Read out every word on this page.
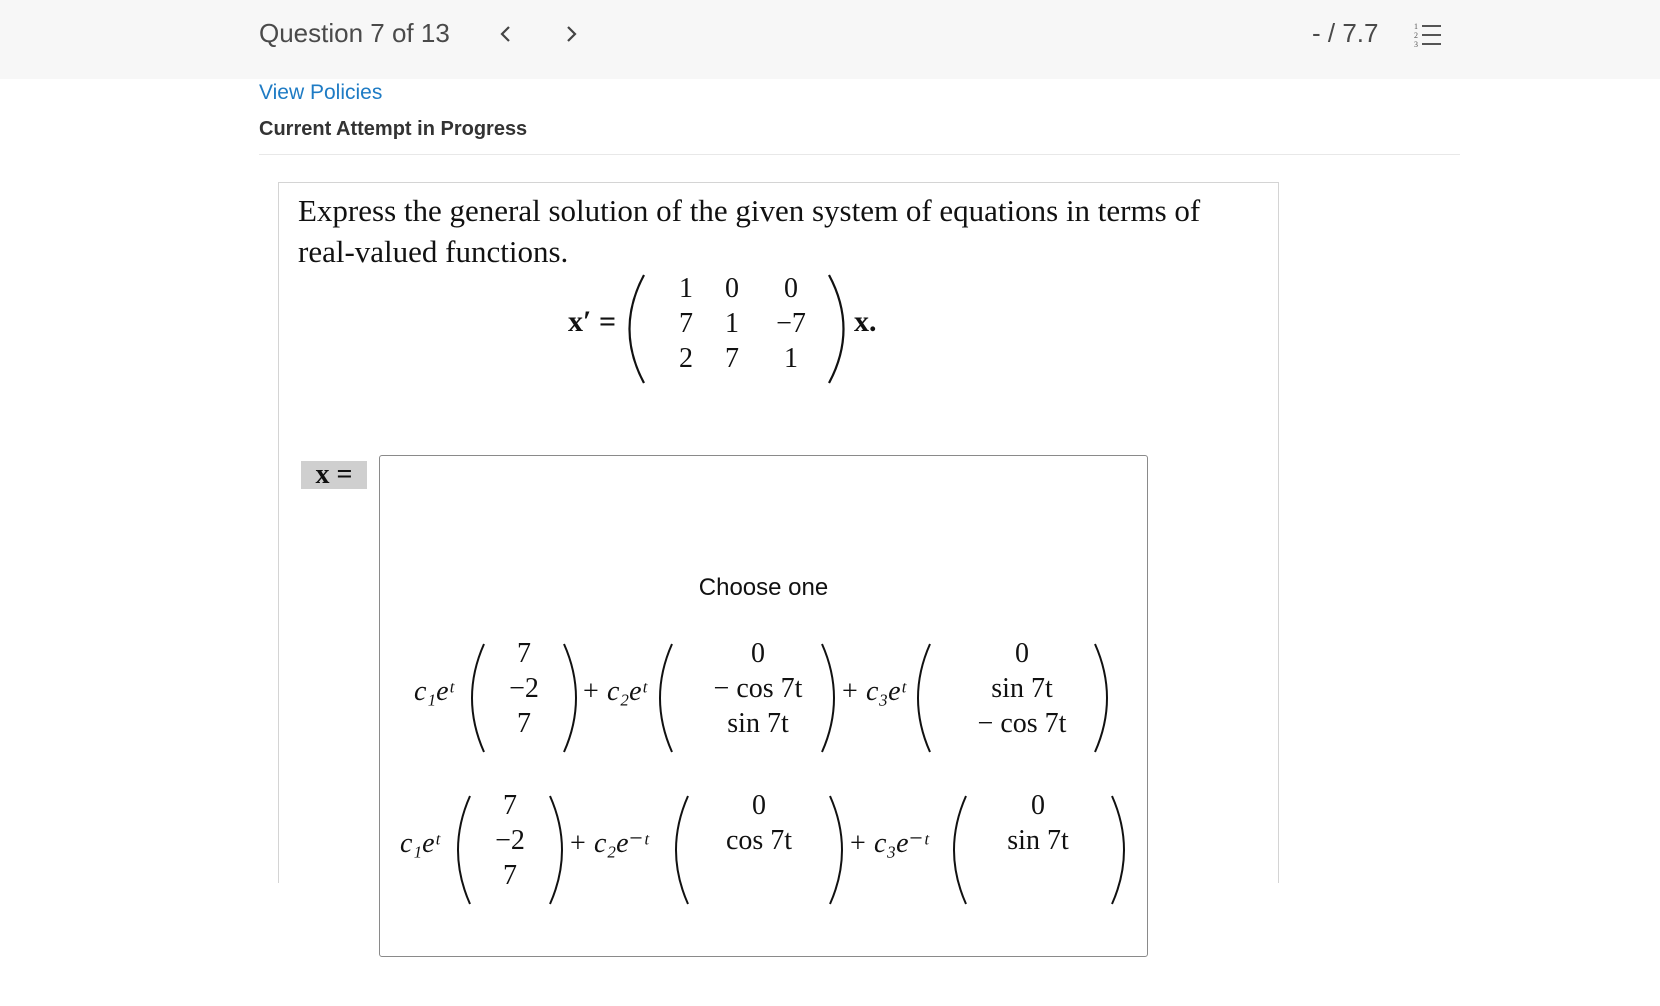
Question 7 of 13	- / 7.7	1
2
3
View Policies
Current Attempt in Progress
Express the general solution of the given system of equations in terms of real-valued functions.
x′ =
1 0 0
7 1 −7
2 7 1
x.
x =
Choose one
c₁eᵗ
7
−2
7
+ c₂eᵗ
0
− cos 7t
sin 7t
+ c₃eᵗ
0
sin 7t
− cos 7t
c₁eᵗ
7
−2
7
+ c₂e⁻ᵗ
0
cos 7t + c₃e⁻ᵗ
0
sin 7t
